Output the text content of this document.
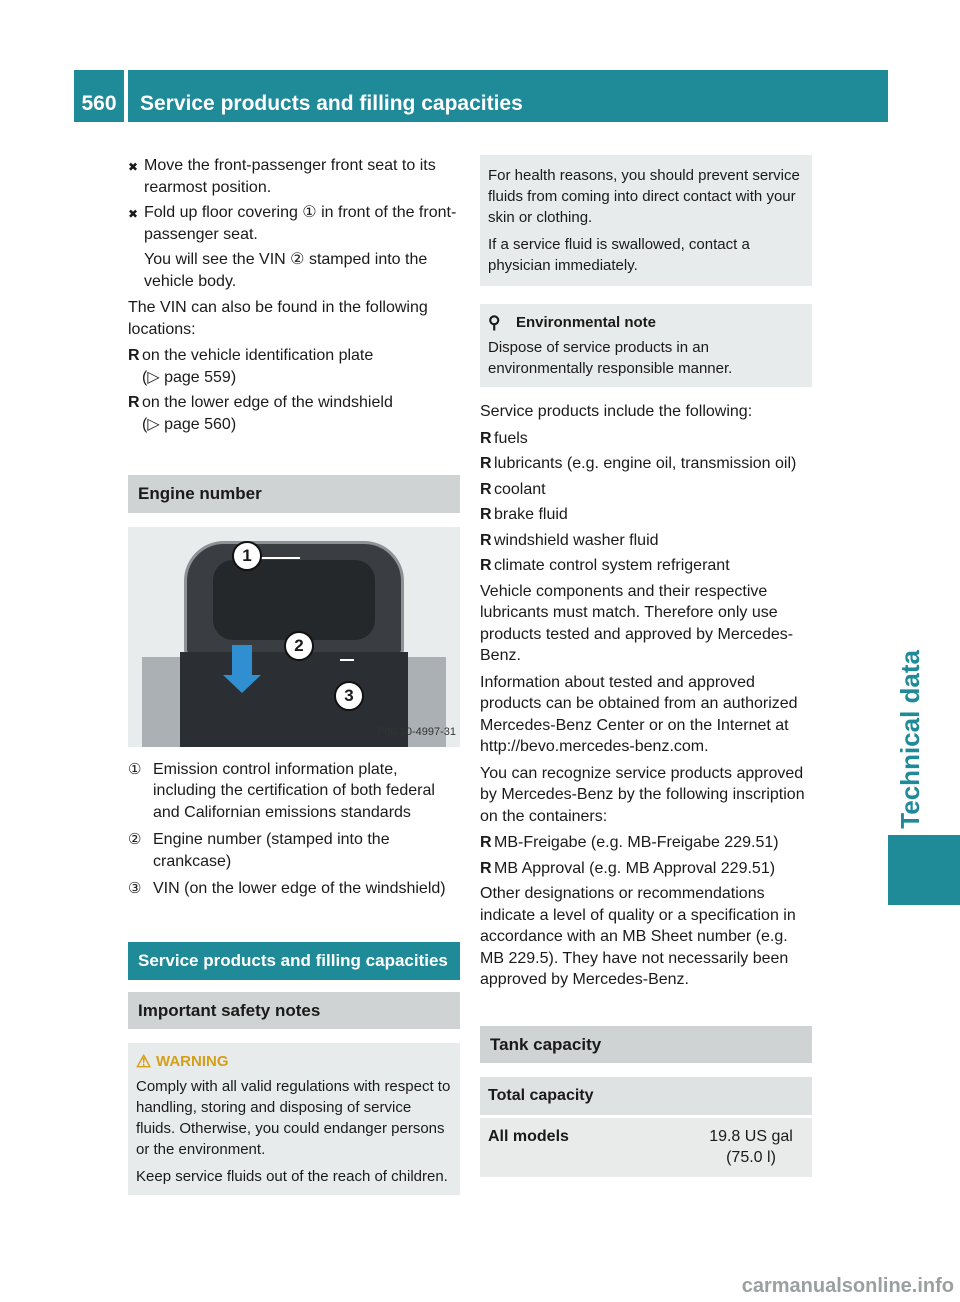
560	Service products and filling capacities
Technical data
✖ Move the front-passenger front seat to its rearmost position.
✖ Fold up floor covering ① in front of the front-passenger seat.

You will see the VIN ② stamped into the vehicle body.

The VIN can also be found in the following locations:

R on the vehicle identification plate
(▷ page 559)
R on the lower edge of the windshield
(▷ page 560)
Engine number
1
2
3
P00.10-4997-31
① Emission control information plate, including the certification of both federal and Californian emissions standards
② Engine number (stamped into the crankcase)
③ VIN (on the lower edge of the windshield)
Service products and filling capacities
Important safety notes
⚠ WARNING

Comply with all valid regulations with respect to handling, storing and disposing of service fluids. Otherwise, you could endanger persons or the environment.

Keep service fluids out of the reach of children.

For health reasons, you should prevent service fluids from coming into direct contact with your skin or clothing.

If a service fluid is swallowed, contact a physician immediately.

⚲	Environmental note
Dispose of service products in an environmentally responsible manner.

Service products include the following:

R fuels
R lubricants (e.g. engine oil, transmission oil)
R coolant
R brake fluid
R windshield washer fluid
R climate control system refrigerant

Vehicle components and their respective lubricants must match. Therefore only use products tested and approved by Mercedes-Benz.

Information about tested and approved products can be obtained from an authorized Mercedes-Benz Center or on the Internet at http://bevo.mercedes-benz.com.

You can recognize service products approved by Mercedes-Benz by the following inscription on the containers:

R MB-Freigabe (e.g. MB-Freigabe 229.51)
R MB Approval (e.g. MB Approval 229.51)

Other designations or recommendations indicate a level of quality or a specification in accordance with an MB Sheet number (e.g. MB 229.5). They have not necessarily been approved by Mercedes-Benz.

Tank capacity
Total capacity	

All models	19.8 US gal
(75.0 l)
carmanualsonline.info
